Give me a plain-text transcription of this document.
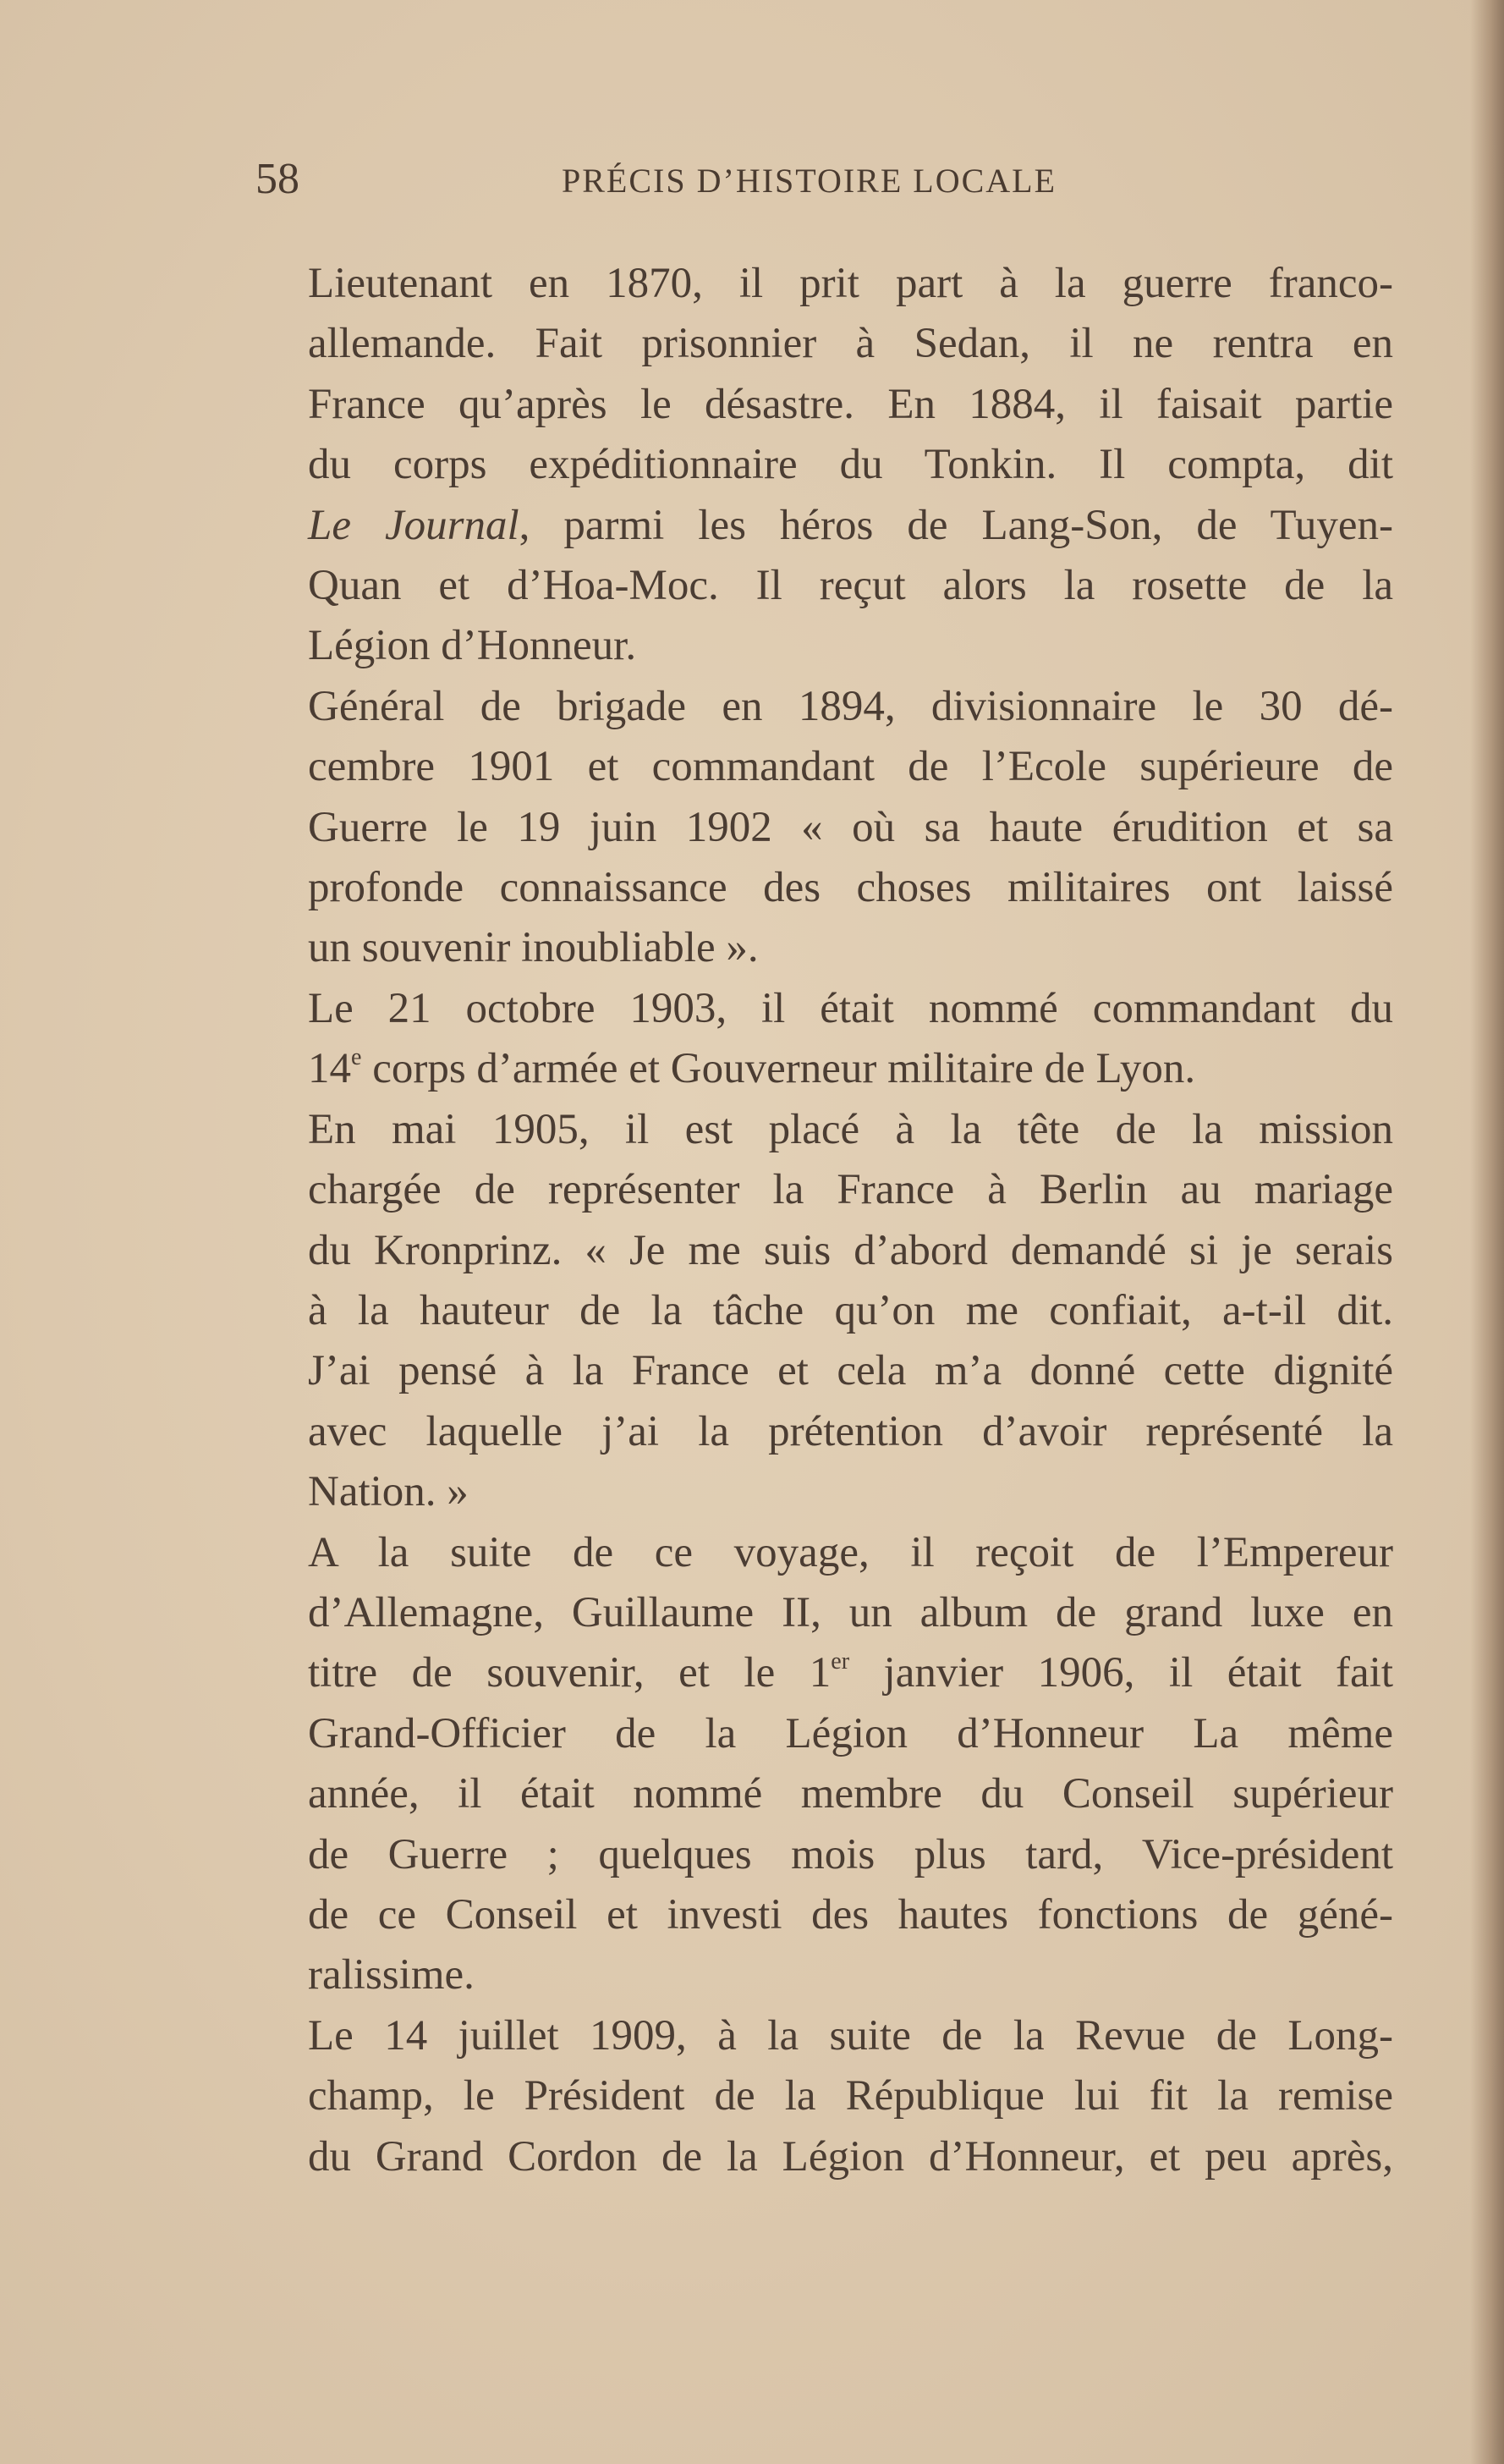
58	PRÉCIS D’HISTOIRE LOCALE

Lieutenant en 1870, il prit part à la guerre franco-
allemande. Fait prisonnier à Sedan, il ne rentra en
France qu’après le désastre. En 1884, il faisait partie
du corps expéditionnaire du Tonkin. Il compta, dit
Le Journal, parmi les héros de Lang-Son, de Tuyen-
Quan et d’Hoa-Moc. Il reçut alors la rosette de la
Légion d’Honneur.

Général de brigade en 1894, divisionnaire le 30 dé-
cembre 1901 et commandant de l’Ecole supérieure de
Guerre le 19 juin 1902 « où sa haute érudition et sa
profonde connaissance des choses militaires ont laissé
un souvenir inoubliable ».

Le 21 octobre 1903, il était nommé commandant du
14e corps d’armée et Gouverneur militaire de Lyon.

En mai 1905, il est placé à la tête de la mission
chargée de représenter la France à Berlin au mariage
du Kronprinz. « Je me suis d’abord demandé si je serais
à la hauteur de la tâche qu’on me confiait, a-t-il dit.
J’ai pensé à la France et cela m’a donné cette dignité
avec laquelle j’ai la prétention d’avoir représenté la
Nation. »

A la suite de ce voyage, il reçoit de l’Empereur
d’Allemagne, Guillaume II, un album de grand luxe en
titre de souvenir, et le 1er janvier 1906, il était fait
Grand-Officier de la Légion d’Honneur La même
année, il était nommé membre du Conseil supérieur
de Guerre ; quelques mois plus tard, Vice-président
de ce Conseil et investi des hautes fonctions de géné-
ralissime.

Le 14 juillet 1909, à la suite de la Revue de Long-
champ, le Président de la République lui fit la remise
du Grand Cordon de la Légion d’Honneur, et peu après,
